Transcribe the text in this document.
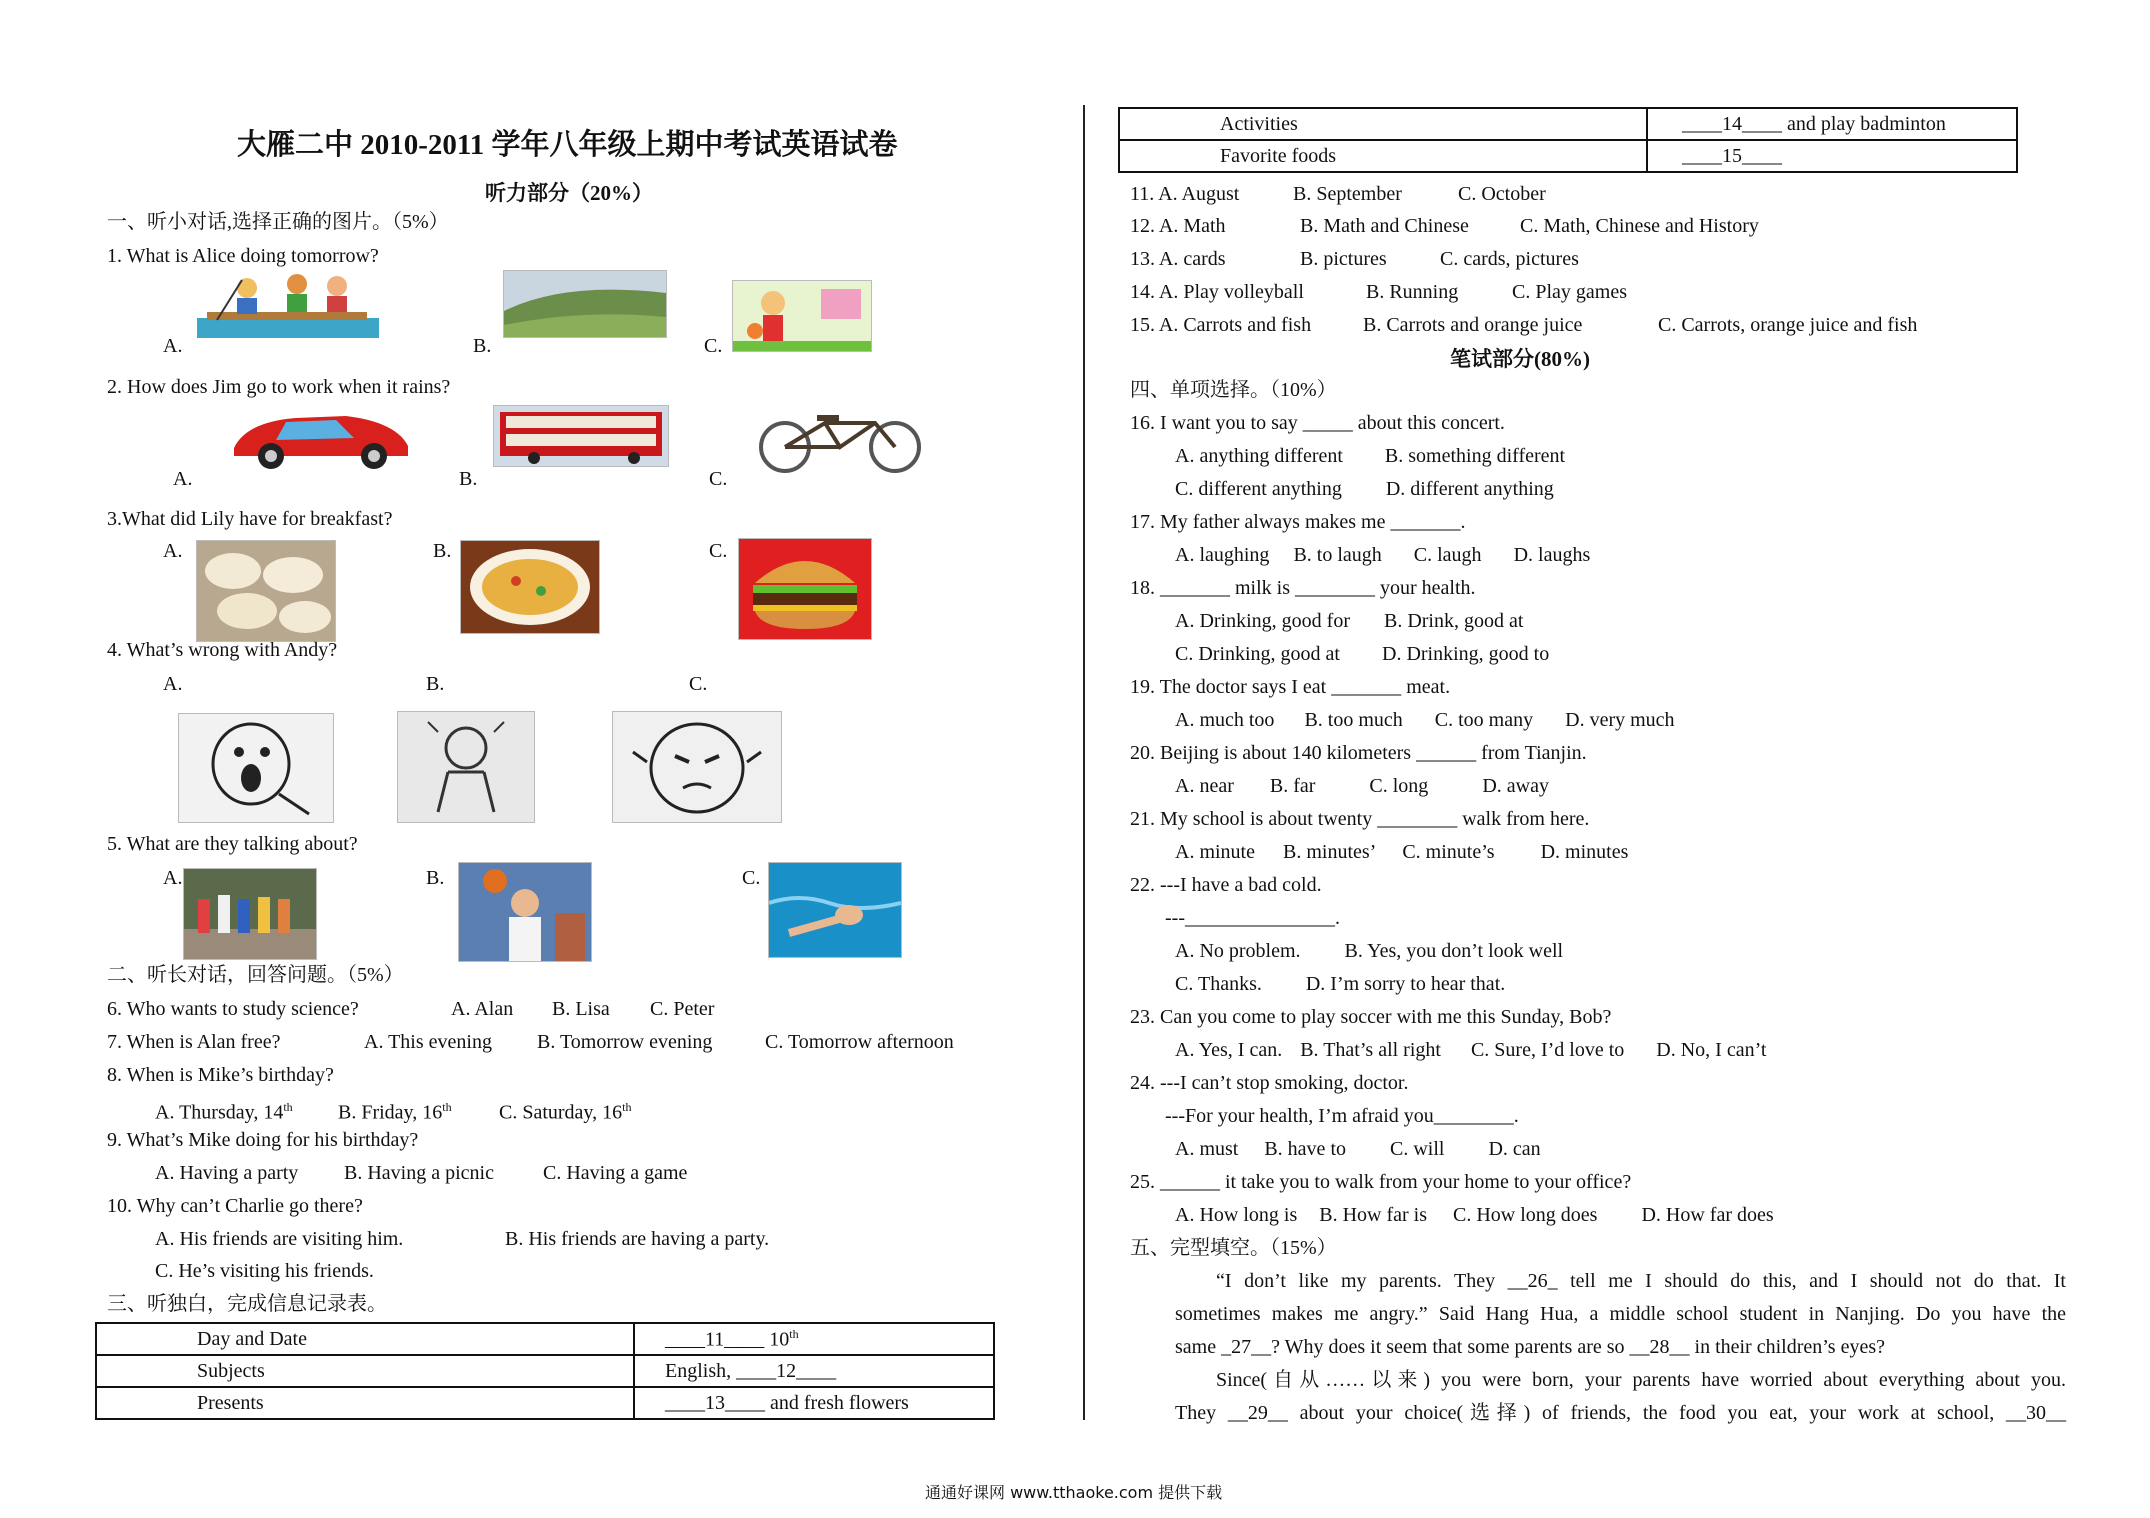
大雁二中 2010-2011 学年八年级上期中考试英语试卷
听力部分（20%）
一、听小对话,选择正确的图片。（5%）
1. What is Alice doing tomorrow?
A.	B.	C.
2. How does Jim go to work when it rains?
A.	B.	C.
3.What did Lily have for breakfast?
A.	B.	C.
4. What’s wrong with Andy?
A.	B.	C.
5. What are they talking about?
A.	B.	C.
二、听长对话，回答问题。（5%）
6. Who wants to study science?	A. Alan B. Lisa C. Peter
7. When is Alan free?	A. This evening B. Tomorrow evening	C. Tomorrow afternoon
8. When is Mike’s birthday?
A. Thursday, 14th B. Friday, 16th C. Saturday, 16th
9. What’s Mike doing for his birthday?
A. Having a party B. Having a picnic C. Having a game
10. Why can’t Charlie go there?
A. His friends are visiting him.	B. His friends are having a party.
C. He’s visiting his friends.
三、听独白，完成信息记录表。
Day and Date	____11____ 10th
Subjects	English, ____12____
Presents	____13____ and fresh flowers
Activities	____14____ and play badminton
Favorite foods	____15____
11. A. August	B. September	C. October
12. A. Math	B. Math and Chinese	C. Math, Chinese and History
13. A. cards	B. pictures	C. cards, pictures
14. A. Play volleyball	B. Running	C. Play games
15. A. Carrots and fish	B. Carrots and orange juice	C. Carrots, orange juice and fish
笔试部分(80%)
四、单项选择。（10%）
16. I want you to say _____ about this concert.
A. anything different B. something different
C. different anything D. different anything
17. My father always makes me _______.
A. laughing B. to laugh C. laugh D. laughs
18. _______ milk is ________ your health.
A. Drinking, good for B. Drink, good at
C. Drinking, good at D. Drinking, good to
19. The doctor says I eat _______ meat.
A. much too B. too much C. too many D. very much
20. Beijing is about 140 kilometers ______ from Tianjin.
A. near B. far	C. long	D. away
21. My school is about twenty ________ walk from here.
A. minute B. minutes’ C. minute’s D. minutes
22. ---I have a bad cold.
---_______________.
A. No problem. B. Yes, you don’t look well
C. Thanks. D. I’m sorry to hear that.
23. Can you come to play soccer with me this Sunday, Bob?
A. Yes, I can. B. That’s all right C. Sure, I’d love to D. No, I can’t
24. ---I can’t stop smoking, doctor.
---For your health, I’m afraid you________.
A. must B. have to C. will D. can
25. ______ it take you to walk from your home to your office?
A. How long is B. How far is C. How long does D. How far does
五、完型填空。（15%）
“I don’t like my parents. They __26_ tell me I should do this, and I should not do that. It
sometimes makes me angry.” Said Hang Hua, a middle school student in Nanjing. Do you have the
same _27__? Why does it seem that some parents are so __28__ in their children’s eyes?
Since(自从……以来) you were born, your parents have worried about everything about you.
They __29__ about your choice(选择) of friends, the food you eat, your work at school, __30__
通通好课网 www.tthaoke.com 提供下载
